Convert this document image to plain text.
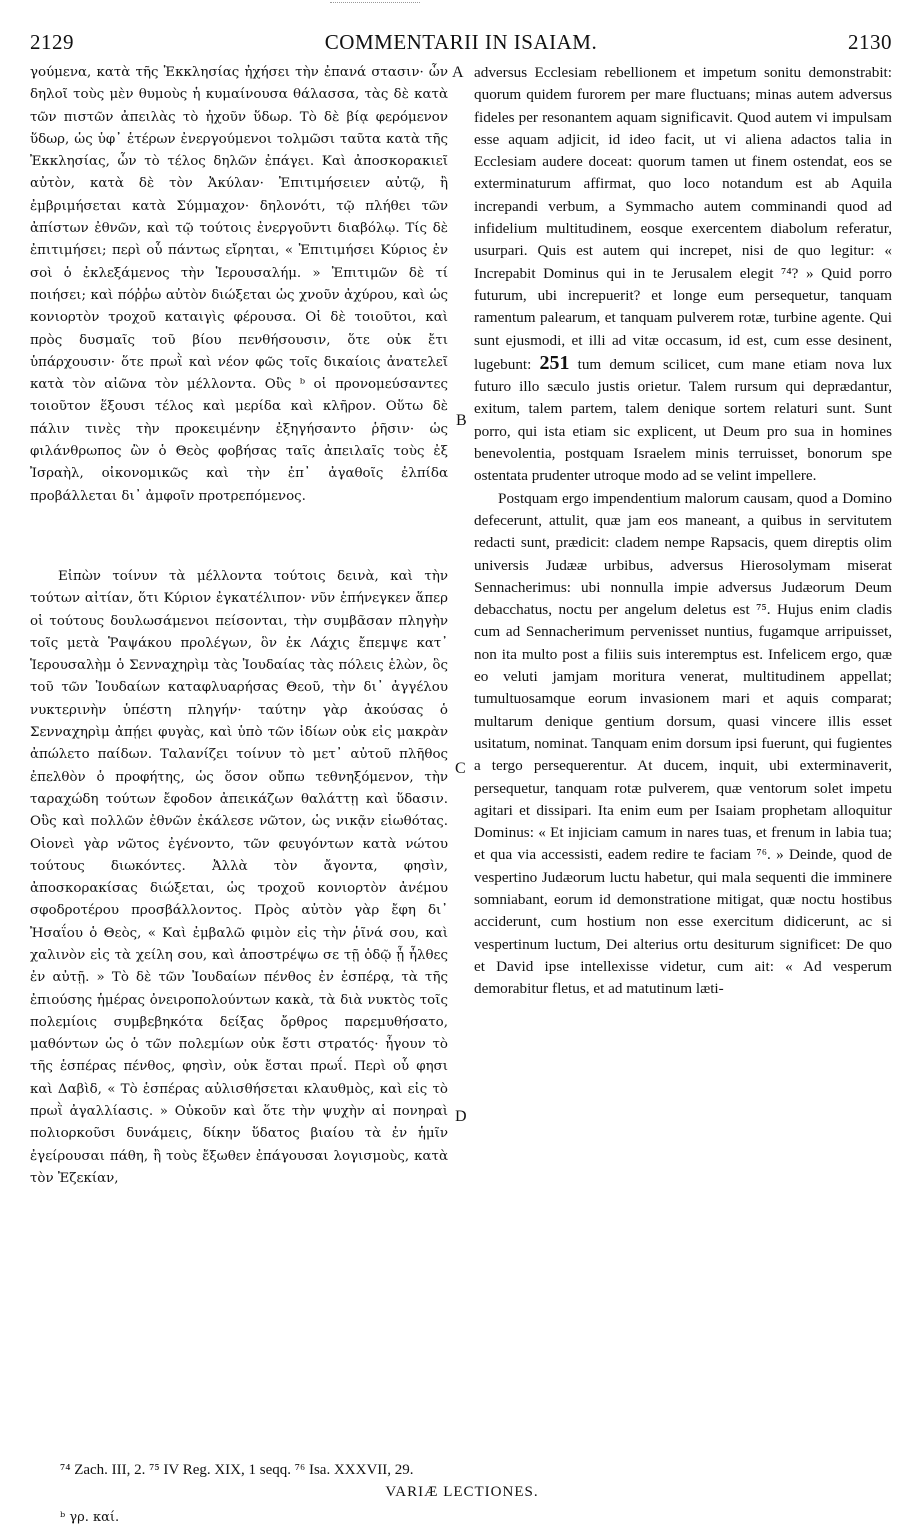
2129	COMMENTARII IN ISAIAM.	2130

γούμενα, κατὰ τῆς Ἐκκλησίας ἠχήσει τὴν ἐπανά στασιν· ὧν δηλοῖ τοὺς μὲν θυμοὺς ἡ κυμαίνουσα θάλασσα, τὰς δὲ κατὰ τῶν πιστῶν ἀπειλὰς τὸ ἠχοῦν ὕδωρ. Τὸ δὲ βίᾳ φερόμενον ὕδωρ, ὡς ὑφ᾽ ἑτέρων ἐνεργούμενοι τολμῶσι ταῦτα κατὰ τῆς Ἐκκλησίας, ὧν τὸ τέλος δηλῶν ἐπάγει. Καὶ ἀποσκορακιεῖ αὐτὸν, κατὰ δὲ τὸν Ἀκύλαν· Ἐπιτιμήσειεν αὐτῷ, ἢ ἐμβριμήσεται κατὰ Σύμμαχον· δηλονότι, τῷ πλήθει τῶν ἀπίστων ἐθνῶν, καὶ τῷ τούτοις ἐνεργοῦντι διαβόλῳ. Τίς δὲ ἐπιτιμήσει; περὶ οὗ πάντως εἴρηται, « Ἐπιτιμήσει Κύριος ἐν σοὶ ὁ ἐκλεξάμενος τὴν Ἱερουσαλήμ. » Ἐπιτιμῶν δὲ τί ποιήσει; καὶ πόῤῥω αὐτὸν διώξεται ὡς χνοῦν ἀχύρου, καὶ ὡς κονιορτὸν τροχοῦ καταιγὶς φέρουσα. Οἱ δὲ τοιοῦτοι, καὶ πρὸς δυσμαῖς τοῦ βίου πενθήσουσιν, ὅτε οὐκ ἔτι ὑπάρχουσιν· ὅτε πρωῒ καὶ νέον φῶς τοῖς δικαίοις ἀνατελεῖ κατὰ τὸν αἰῶνα τὸν μέλλοντα. Οὓς ᵇ οἱ προνομεύσαντες τοιοῦτον ἕξουσι τέλος καὶ μερίδα καὶ κλῆρον. Οὕτω δὲ πάλιν τινὲς τὴν προκειμένην ἐξηγήσαντο ῥῆσιν· ὡς φιλάνθρωπος ὢν ὁ Θεὸς φοβήσας ταῖς ἀπειλαῖς τοὺς ἐξ Ἰσραὴλ, οἰκονομικῶς καὶ τὴν ἐπ᾽ ἀγαθοῖς ἐλπίδα προβάλλεται δι᾽ ἀμφοῖν προτρεπόμενος.

Εἰπὼν τοίνυν τὰ μέλλοντα τούτοις δεινὰ, καὶ τὴν τούτων αἰτίαν, ὅτι Κύριον ἐγκατέλιπον· νῦν ἐπήνεγκεν ἅπερ οἱ τούτους δουλωσάμενοι πείσονται, τὴν συμβᾶσαν πληγὴν τοῖς μετὰ Ῥαψάκου προλέγων, ὃν ἐκ Λάχις ἔπεμψε κατ᾽ Ἱερουσαλὴμ ὁ Σενναχηρὶμ τὰς Ἰουδαίας τὰς πόλεις ἑλὼν, ὃς τοῦ τῶν Ἰουδαίων καταφλυαρήσας Θεοῦ, τὴν δι᾽ ἀγγέλου νυκτερινὴν ὑπέστη πληγήν· ταύτην γὰρ ἀκούσας ὁ Σενναχηρὶμ ἀπῄει φυγὰς, καὶ ὑπὸ τῶν ἰδίων οὐκ εἰς μακρὰν ἀπώλετο παίδων. Ταλανίζει τοίνυν τὸ μετ᾽ αὐτοῦ πλῆθος ἐπελθὸν ὁ προφήτης, ὡς ὅσον οὔπω τεθνηξόμενον, τὴν ταραχώδη τούτων ἔφοδον ἀπεικάζων θαλάττῃ καὶ ὕδασιν. Οὓς καὶ πολλῶν ἐθνῶν ἐκάλεσε νῶτον, ὡς νικᾷν εἰωθότας. Οἱονεὶ γὰρ νῶτος ἐγένοντο, τῶν φευγόντων κατὰ νώτου τούτους διωκόντες. Ἀλλὰ τὸν ἄγοντα, φησὶν, ἀποσκορακίσας διώξεται, ὡς τροχοῦ κονιορτὸν ἀνέμου σφοδροτέρου προσβάλλοντος. Πρὸς αὐτὸν γὰρ ἔφη δι᾽ Ἠσαΐου ὁ Θεὸς, « Καὶ ἐμβαλῶ φιμὸν εἰς τὴν ῥῖνά σου, καὶ χαλινὸν εἰς τὰ χείλη σου, καὶ ἀποστρέψω σε τῇ ὁδῷ ᾗ ἦλθες ἐν αὐτῇ. » Τὸ δὲ τῶν Ἰουδαίων πένθος ἐν ἑσπέρᾳ, τὰ τῆς ἐπιούσης ἡμέρας ὀνειροπολούντων κακὰ, τὰ διὰ νυκτὸς τοῖς πολεμίοις συμβεβηκότα δείξας ὄρθρος παρεμυθήσατο, μαθόντων ὡς ὁ τῶν πολεμίων οὐκ ἔστι στρατός· ἦγουν τὸ τῆς ἑσπέρας πένθος, φησὶν, οὐκ ἔσται πρωΐ. Περὶ οὗ φησι καὶ Δαβὶδ, « Τὸ ἑσπέρας αὐλισθήσεται κλαυθμὸς, καὶ εἰς τὸ πρωῒ ἀγαλλίασις. » Οὐκοῦν καὶ ὅτε τὴν ψυχὴν αἱ πονηραὶ πολιορκοῦσι δυνάμεις, δίκην ὕδατος βιαίου τὰ ἐν ἡμῖν ἐγείρουσαι πάθη, ἢ τοὺς ἔξωθεν ἐπάγουσαι λογισμοὺς, κατὰ τὸν Ἐζεκίαν,

A
B
C
D

adversus Ecclesiam rebellionem et impetum sonitu demonstrabit: quorum quidem furorem per mare fluctuans; minas autem adversus fideles per resonantem aquam significavit. Quod autem vi impulsam esse aquam adjicit, id ideo facit, ut vi aliena adactos talia in Ecclesiam audere doceat: quorum tamen ut finem ostendat, eos se exterminaturum affirmat, quo loco notandum est ab Aquila increpandi verbum, a Symmacho autem comminandi quod ad infidelium multitudinem, eosque exercentem diabolum referatur, usurpari. Quis est autem qui increpet, nisi de quo legitur: « Increpabit Dominus qui in te Jerusalem elegit ⁷⁴? » Quid porro futurum, ubi increpuerit? et longe eum persequetur, tanquam ramentum palearum, et tanquam pulverem rotæ, turbine agente. Qui sunt ejusmodi, et illi ad vitæ occasum, id est, cum esse desinent, lugebunt: 251 tum demum scilicet, cum mane etiam nova lux futuro illo sæculo justis orietur. Talem rursum qui deprædantur, exitum, talem partem, talem denique sortem relaturi sunt. Sunt porro, qui ista etiam sic explicent, ut Deum pro sua in homines benevolentia, postquam Israelem minis terruisset, bonorum spe ostentata prudenter utroque modo ad se velint impellere.

Postquam ergo impendentium malorum causam, quod a Domino defecerunt, attulit, quæ jam eos maneant, a quibus in servitutem redacti sunt, prædicit: cladem nempe Rapsacis, quem direptis olim universis Judææ urbibus, adversus Hierosolymam miserat Sennacherimus: ubi nonnulla impie adversus Judæorum Deum debacchatus, noctu per angelum deletus est ⁷⁵. Hujus enim cladis cum ad Sennacherimum pervenisset nuntius, fugamque arripuisset, non ita multo post a filiis suis interemptus est. Infelicem ergo, quæ eo veluti jamjam moritura venerat, multitudinem appellat; tumultuosamque eorum invasionem mari et aquis comparat; multarum denique gentium dorsum, quasi vincere illis esset usitatum, nominat. Tanquam enim dorsum ipsi fuerunt, qui fugientes a tergo persequerentur. At ducem, inquit, ubi exterminaverit, persequetur, tanquam rotæ pulverem, quæ ventorum solet impetu agitari et dissipari. Ita enim eum per Isaiam prophetam alloquitur Dominus: « Et injiciam camum in nares tuas, et frenum in labia tua; et qua via accessisti, eadem redire te faciam ⁷⁶. » Deinde, quod de vespertino Judæorum luctu habetur, qui mala sequenti die imminere somniabant, eorum id demonstratione mitigat, quæ noctu hostibus acciderunt, cum hostium non esse exercitum didicerunt, ac si vespertinum luctum, Dei alterius ortu desiturum significet: De quo et David ipse intellexisse videtur, cum ait: « Ad vesperum demorabitur fletus, et ad matutinum læti-

⁷⁴ Zach. III, 2. ⁷⁵ IV Reg. XIX, 1 seqq. ⁷⁶ Isa. XXXVII, 29.
VARIÆ LECTIONES.
ᵇ γρ. καί.
